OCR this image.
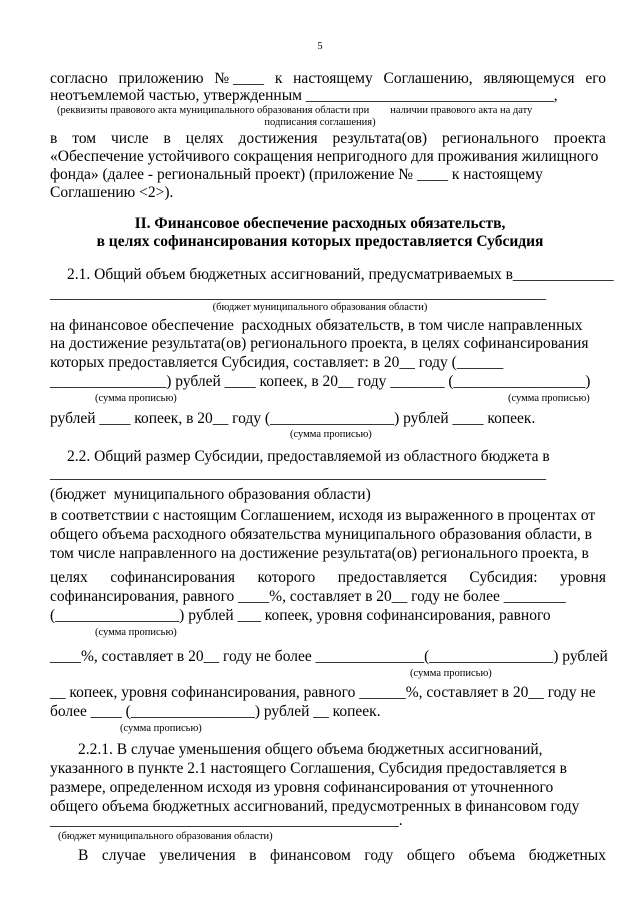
5
согласно приложению № ____ к настоящему Соглашению, являющемуся его
неотъемлемой частью, утвержденным ________________________________,
(реквизиты правового акта муниципального образования области при        наличии правового акта на дату
подписания соглашения)
в том числе в целях достижения результата(ов) регионального проекта
«Обеспечение устойчивого сокращения непригодного для проживания жилищного
фонда» (далее - региональный проект) (приложение № ____ к настоящему
Соглашению <2>).
II. Финансовое обеспечение расходных обязательств,
в целях софинансирования которых предоставляется Субсидия
2.1. Общий объем бюджетных ассигнований, предусматриваемых в_____________
________________________________________________________________
(бюджет муниципального образования области)
на финансовое обеспечение  расходных обязательств, в том числе направленных
на достижение результата(ов) регионального проекта, в целях софинансирования
которых предоставляется Субсидия, составляет: в 20__ году (______
_______________) рублей ____ копеек, в 20__ году _______ (_________________)
(сумма прописью)	(сумма прописью)
рублей ____ копеек, в 20__ году (________________) рублей ____ копеек.
(сумма прописью)
2.2. Общий размер Субсидии, предоставляемой из областного бюджета в
________________________________________________________________
(бюджет  муниципального образования области)
в соответствии с настоящим Соглашением, исходя из выраженного в процентах от
общего объема расходного обязательства муниципального образования области, в
том числе направленного на достижение результата(ов) регионального проекта, в
целях софинансирования которого предоставляется Субсидия: уровня
софинансирования, равного ____%, составляет в 20__ году не более ________
(________________) рублей ___ копеек, уровня софинансирования, равного
(сумма прописью)
____%, составляет в 20__ году не более ______________(________________) рублей
(сумма прописью)
__ копеек, уровня софинансирования, равного ______%, составляет в 20__ году не
более ____ (________________) рублей __ копеек.
(сумма прописью)
2.2.1. В случае уменьшения общего объема бюджетных ассигнований,
указанного в пункте 2.1 настоящего Соглашения, Субсидия предоставляется в
размере, определенном исходя из уровня софинансирования от уточненного
общего объема бюджетных ассигнований, предусмотренных в финансовом году
_____________________________________________.
(бюджет муниципального образования области)
В случае увеличения в финансовом году общего объема бюджетных
